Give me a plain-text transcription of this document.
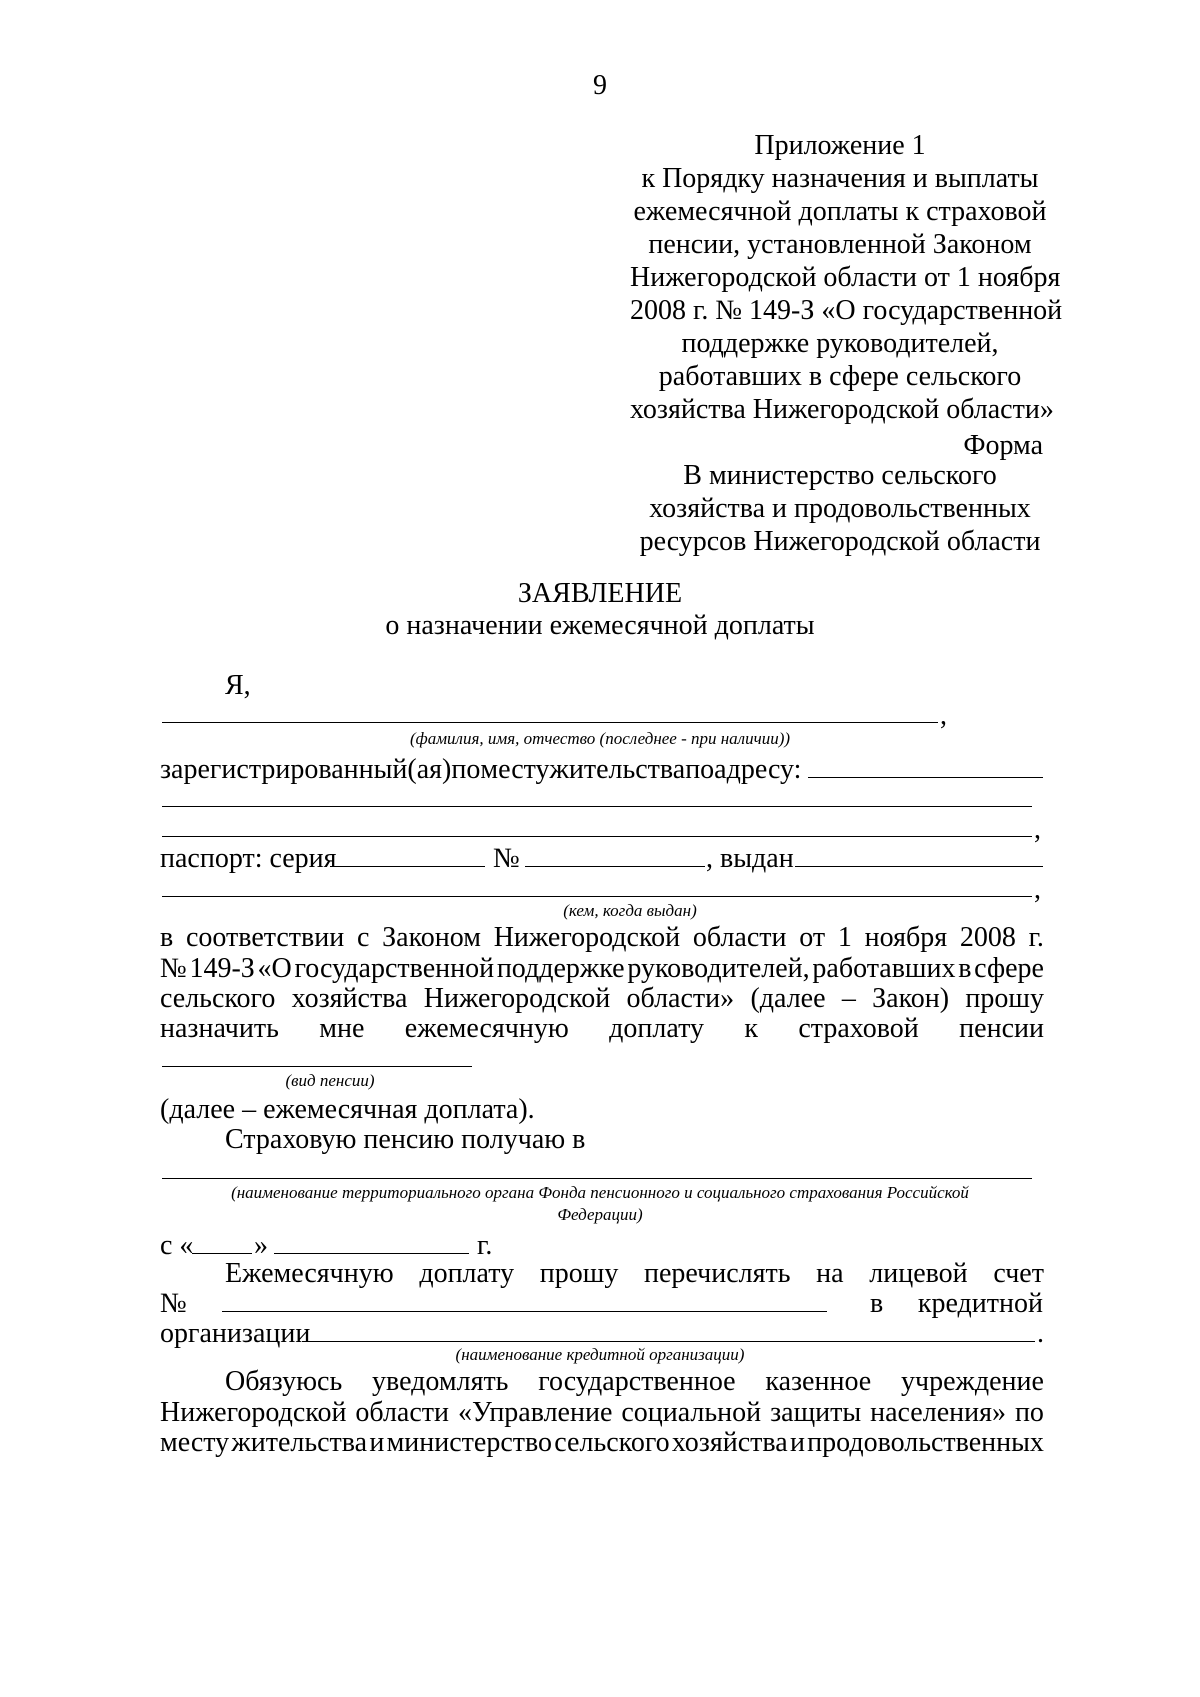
9
Приложение 1
к Порядку назначения и выплаты
ежемесячной доплаты к страховой
пенсии, установленной Законом
Нижегородской области от 1 ноября
2008 г. № 149-З «О государственной
поддержке руководителей,
работавших в сфере сельского
хозяйства Нижегородской области»
Форма
В министерство сельского
хозяйства и продовольственных
ресурсов Нижегородской области
ЗАЯВЛЕНИЕ
о назначении ежемесячной доплаты
Я,
,
(фамилия, имя, отчество (последнее - при наличии))
зарегистрированный(ая) по месту жительства по адресу:
,
паспорт: серия	№	, выдан
,
(кем, когда выдан)
в соответствии с Законом Нижегородской области от 1 ноября 2008 г.
№ 149-З «О государственной поддержке руководителей, работавших в сфере
сельского хозяйства Нижегородской области» (далее – Закон) прошу
назначить мне ежемесячную доплату к страховой пенсии
(вид пенсии)
(далее – ежемесячная доплата).
Страховую пенсию получаю в
(наименование территориального органа Фонда пенсионного и социального страхования Российской
Федерации)
с « »	г.
Ежемесячную доплату прошу перечислять на лицевой счет
№	в	кредитной
организации	.
(наименование кредитной организации)
Обязуюсь уведомлять государственное казенное учреждение
Нижегородской области «Управление социальной защиты населения» по
месту жительства и министерство сельского хозяйства и продовольственных
